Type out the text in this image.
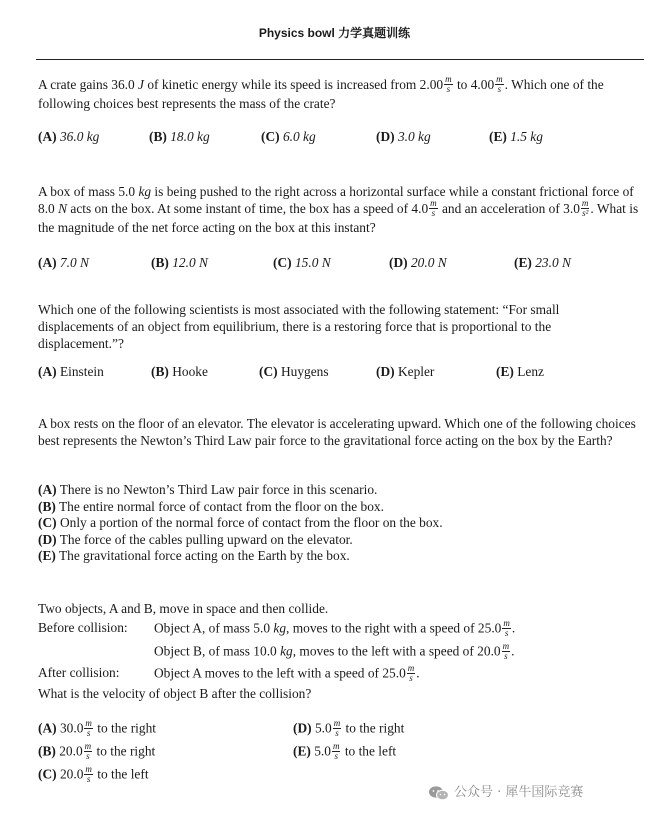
Physics bowl 力学真题训练

A crate gains 36.0 J of kinetic energy while its speed is increased from $2.00 \frac{m}{s}$ to $4.00 \frac{m}{s}$ . Which one of the following choices best represents the mass of the crate?

(A) 36.0 kg	(B) 18.0 kg	(C) 6.0 kg	(D) 3.0 kg	(E) 1.5 kg

A box of mass 5.0 kg is being pushed to the right across a horizontal surface while a constant frictional force of 8.0 N acts on the box. At some instant of time, the box has a speed of $4.0 \frac{m}{s}$ and an acceleration of $3.0 \frac{m}{\text{s²}}$ . What is the magnitude of the net force acting on the box at this instant?

(A) 7.0 N	(B) 12.0 N	(C) 15.0 N	(D) 20.0 N	(E) 23.0 N

Which one of the following scientists is most associated with the following statement: “For small displacements of an object from equilibrium, there is a restoring force that is proportional to the displacement.”?

(A) Einstein	(B) Hooke	(C) Huygens	(D) Kepler	(E) Lenz

A box rests on the floor of an elevator. The elevator is accelerating upward. Which one of the following choices best represents the Newton’s Third Law pair force to the gravitational force acting on the box by the Earth?

(A) There is no Newton’s Third Law pair force in this scenario.
(B) The entire normal force of contact from the floor on the box.
(C) Only a portion of the normal force of contact from the floor on the box.
(D) The force of the cables pulling upward on the elevator.
(E) The gravitational force acting on the Earth by the box.
Two objects, A and B, move in space and then collide.
Before collision: Object A, of mass 5.0 kg, moves to the right with a speed of $25.0 \frac{m}{s}$ .
Object B, of mass 10.0 kg, moves to the left with a speed of $20.0 \frac{m}{s}$ .
After collision:	Object A moves to the left with a speed of $25.0 \frac{m}{s}$ .
What is the velocity of object B after the collision?
(A) $30.0 \frac{m}{s}$ to the right
(B) $20.0 \frac{m}{s}$ to the right
(C) $20.0 \frac{m}{s}$ to the left
(D) $5.0 \frac{m}{s}$ to the right
(E) $5.0 \frac{m}{s}$ to the left
公众号 · 犀牛国际竞赛
